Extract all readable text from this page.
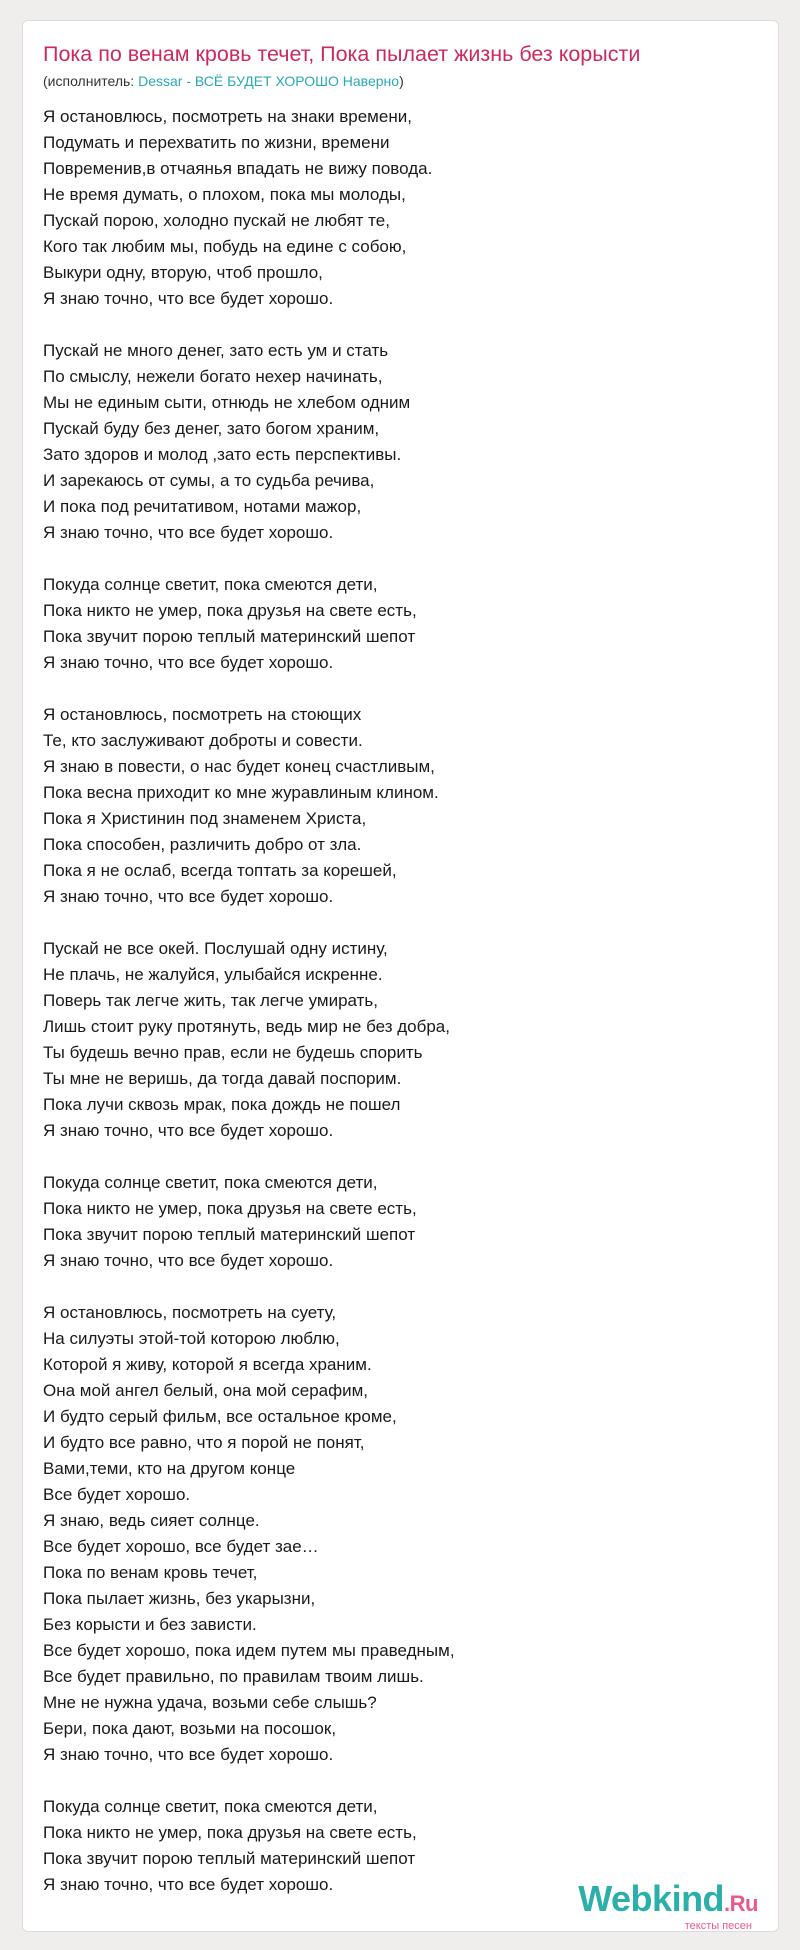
Пока по венам кровь течет, Пока пылает жизнь без корысти
(исполнитель: Dessar - ВСЁ БУДЕТ ХОРОШО Наверно)
Я остановлюсь, посмотреть на знаки времени,
Подумать и перехватить по жизни, времени
Повременив,в отчаянья впадать не вижу повода.
Не время думать, о плохом, пока мы молоды,
Пускай порою, холодно пускай не любят те,
Кого так любим мы, побудь на едине с собою,
Выкури одну, вторую, чтоб прошло,
Я знаю точно, что все будет хорошо.
Пускай не много денег, зато есть ум и стать
По смыслу, нежели богато нехер начинать,
Мы не единым сыти, отнюдь не хлебом одним
Пускай буду без денег, зато богом храним,
Зато здоров и молод ,зато есть перспективы.
И зарекаюсь от сумы, а то судьба речива,
И пока под речитативом, нотами мажор,
Я знаю точно, что все будет хорошо.
Покуда солнце светит, пока смеются дети,
Пока никто не умер, пока друзья на свете есть,
Пока звучит порою теплый материнский шепот
Я знаю точно, что все будет хорошо.
Я остановлюсь, посмотреть на стоющих
Те, кто заслуживают доброты и совести.
Я знаю в повести, о нас будет конец счастливым,
Пока весна приходит ко мне журавлиным клином.
Пока я Христинин под знаменем Христа,
Пока способен, различить добро от зла.
Пока я не ослаб, всегда топтать за корешей,
Я знаю точно, что все будет хорошо.
Пускай не все окей. Послушай одну истину,
Не плачь, не жалуйся, улыбайся искренне.
Поверь так легче жить, так легче умирать,
Лишь стоит руку протянуть, ведь мир не без добра,
Ты будешь вечно прав, если не будешь спорить
Ты мне не веришь, да тогда давай поспорим.
Пока лучи сквозь мрак, пока дождь не пошел
Я знаю точно, что все будет хорошо.
Покуда солнце светит, пока смеются дети,
Пока никто не умер, пока друзья на свете есть,
Пока звучит порою теплый материнский шепот
Я знаю точно, что все будет хорошо.
Я остановлюсь, посмотреть на суету,
На силуэты этой-той которою люблю,
Которой я живу, которой я всегда храним.
Она мой ангел белый, она мой серафим,
И будто серый фильм, все остальное кроме,
И будто все равно, что я порой не понят,
Вами,теми, кто на другом конце
Все будет хорошо.
Я знаю, ведь сияет солнце.
Все будет хорошо, все будет зае…
Пока по венам кровь течет,
Пока пылает жизнь, без укарызни,
Без корысти и без зависти.
Все будет хорошо, пока идем путем мы праведным,
Все будет правильно, по правилам твоим лишь.
Мне не нужна удача, возьми себе слышь?
Бери, пока дают, возьми на посошок,
Я знаю точно, что все будет хорошо.
Покуда солнце светит, пока смеются дети,
Пока никто не умер, пока друзья на свете есть,
Пока звучит порою теплый материнский шепот
Я знаю точно, что все будет хорошо.	Webkind.Ru
тексты песен
